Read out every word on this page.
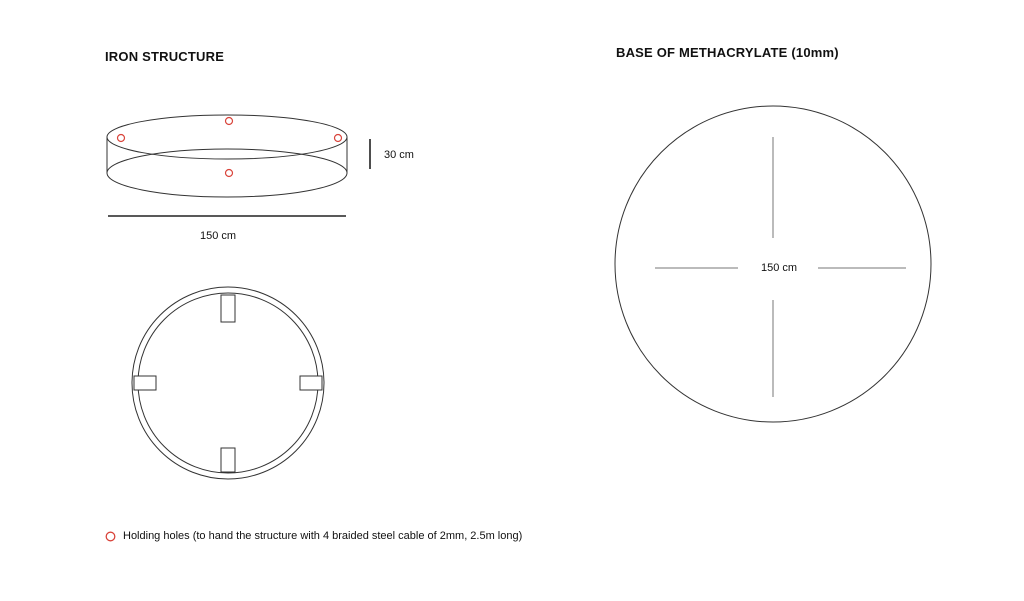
IRON STRUCTURE	BASE OF METHACRYLATE (10mm)
30 cm
150 cm
150 cm
Holding holes (to hand the structure with 4 braided steel cable of 2mm, 2.5m long)
